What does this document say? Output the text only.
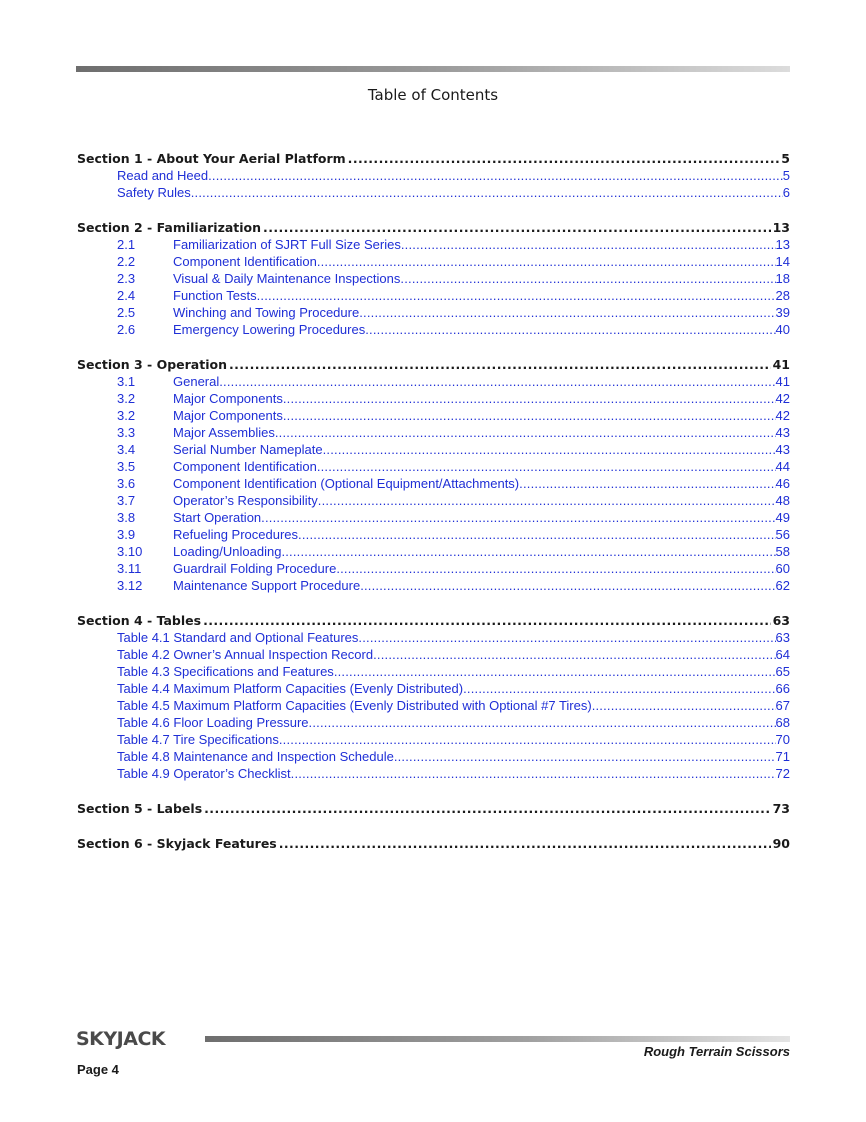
Table of Contents
Section 1 - About Your Aerial Platform .....	5
Read and Heed .....	5
Safety Rules .....	6
Section 2 - Familiarization .....	13
2.1	Familiarization of SJRT Full Size Series .....	13
2.2	Component Identification .....	14
2.3	Visual & Daily Maintenance Inspections .....	18
2.4	Function Tests .....	28
2.5	Winching and Towing Procedure .....	39
2.6	Emergency Lowering Procedures .....	40
Section 3 - Operation .....	41
3.1	General .....	41
3.2	Major Components .....	42
3.2	Major Components .....	42
3.3	Major Assemblies .....	43
3.4	Serial Number Nameplate .....	43
3.5	Component Identification .....	44
3.6	Component Identification (Optional Equipment/Attachments) .....	46
3.7	Operator’s Responsibility .....	48
3.8	Start Operation .....	49
3.9	Refueling Procedures .....	56
3.10	Loading/Unloading .....	58
3.11	Guardrail Folding Procedure .....	60
3.12	Maintenance Support Procedure .....	62
Section 4 - Tables .....	63
Table 4.1 Standard and Optional Features .....	63
Table 4.2 Owner’s Annual Inspection Record .....	64
Table 4.3 Specifications and Features .....	65
Table 4.4 Maximum Platform Capacities (Evenly Distributed) .....	66
Table 4.5 Maximum Platform Capacities (Evenly Distributed with Optional #7 Tires) .....	67
Table 4.6 Floor Loading Pressure .....	68
Table 4.7 Tire Specifications .....	70
Table 4.8 Maintenance and Inspection Schedule .....	71
Table 4.9 Operator’s Checklist .....	72
Section 5 - Labels .....	73
Section 6 - Skyjack Features .....	90
SKYJACK
Rough Terrain Scissors
Page 4
